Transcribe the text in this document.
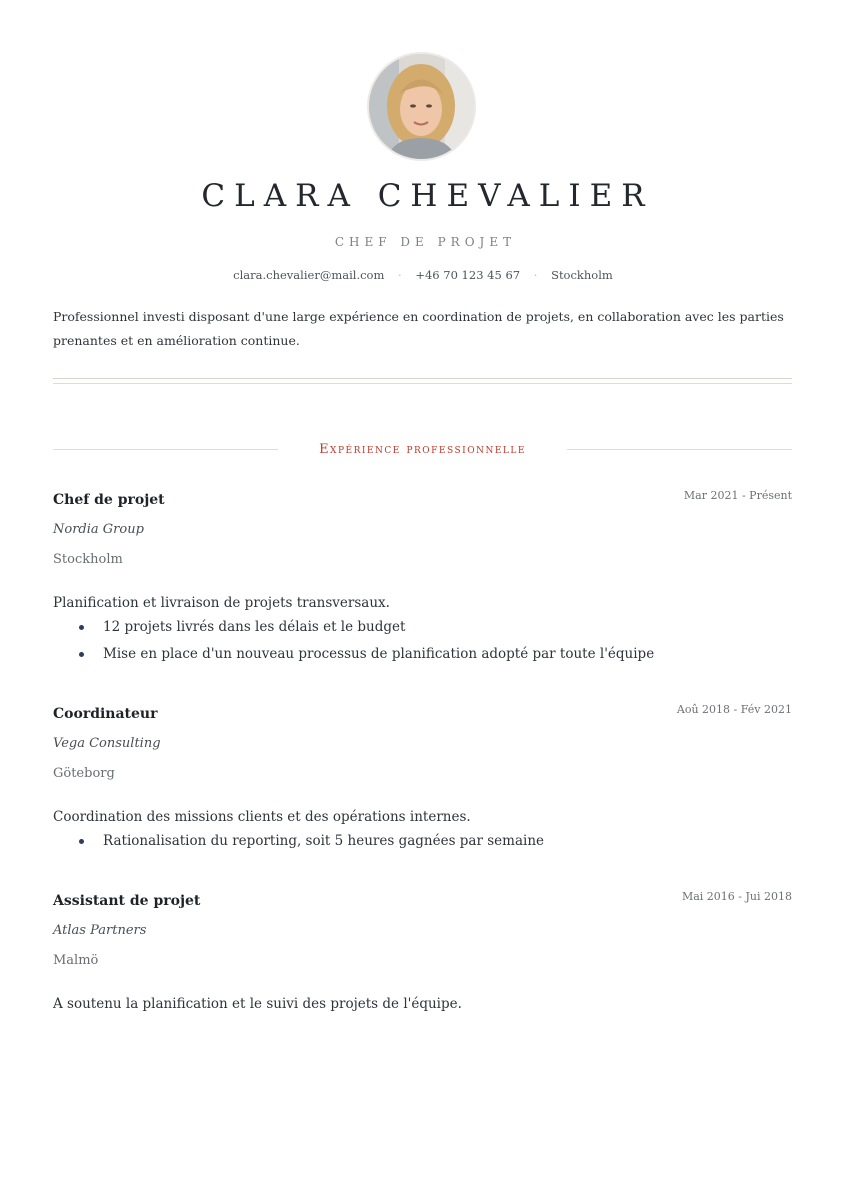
CLARA CHEVALIER
CHEF DE PROJET
clara.chevalier@mail.com · +46 70 123 45 67 · Stockholm
Professionnel investi disposant d'une large expérience en coordination de projets, en collaboration avec les parties prenantes et en amélioration continue.
Expérience professionnelle
Chef de projet	Mar 2021 - Présent
Nordia Group
Stockholm
Planification et livraison de projets transversaux.
12 projets livrés dans les délais et le budget
Mise en place d'un nouveau processus de planification adopté par toute l'équipe
Coordinateur	Aoû 2018 - Fév 2021
Vega Consulting
Göteborg
Coordination des missions clients et des opérations internes.
Rationalisation du reporting, soit 5 heures gagnées par semaine
Assistant de projet	Mai 2016 - Jui 2018
Atlas Partners
Malmö
A soutenu la planification et le suivi des projets de l'équipe.
